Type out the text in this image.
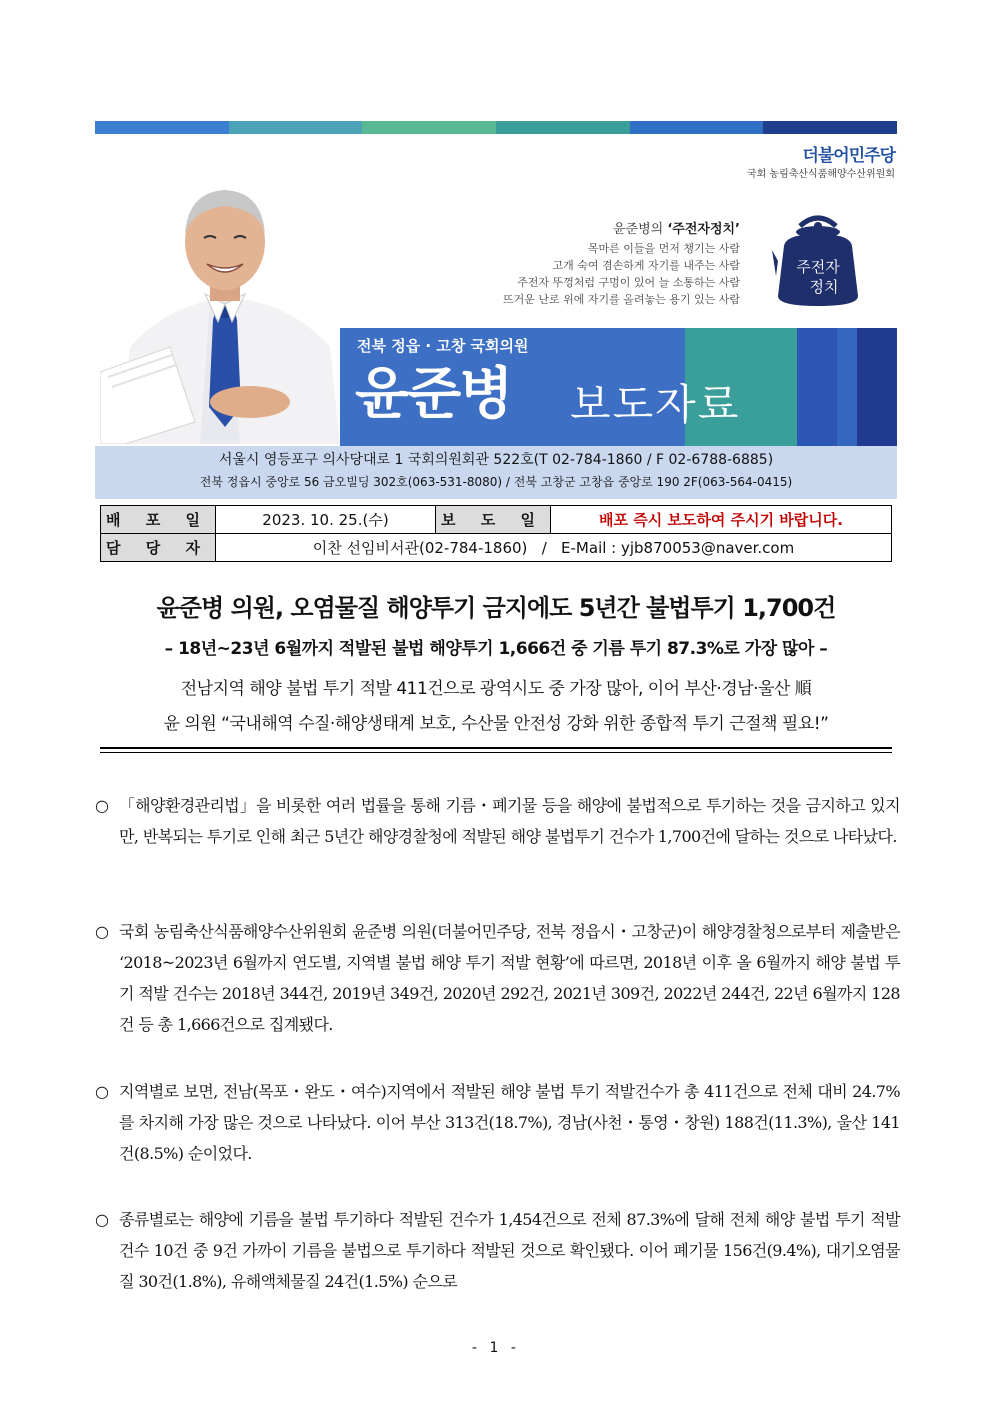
더불어민주당
국회 농림축산식품해양수산위원회
윤준병의 ‘주전자정치’
목마른 이들을 먼저 챙기는 사람
고개 숙여 겸손하게 자기를 내주는 사람
주전자 뚜껑처럼 구멍이 있어 늘 소통하는 사람
뜨거운 난로 위에 자기를 올려놓는 용기 있는 사람
주전자
정치
전북 정읍 · 고창 국회의원
윤준병 보도자료
서울시 영등포구 의사당대로 1 국회의원회관 522호(T 02-784-1860 / F 02-6788-6885)
전북 정읍시 중앙로 56 금오빌딩 302호(063-531-8080) / 전북 고창군 고창읍 중앙로 190 2F(063-564-0415)
배 포 일	2023. 10. 25.(수)	보 도 일	배포 즉시 보도하여 주시기 바랍니다.
담 당 자	이찬 선임비서관(02-784-1860)   /   E-Mail : yjb870053@naver.com		
윤준병 의원, 오염물질 해양투기 금지에도 5년간 불법투기 1,700건
– 18년~23년 6월까지 적발된 불법 해양투기 1,666건 중 기름 투기 87.3%로 가장 많아 –
전남지역 해양 불법 투기 적발 411건으로 광역시도 중 가장 많아, 이어 부산·경남·울산 順
윤 의원 “국내해역 수질·해양생태계 보호, 수산물 안전성 강화 위한 종합적 투기 근절책 필요!”
○ 「해양환경관리법」을 비롯한 여러 법률을 통해 기름・폐기물 등을 해양에 불법적으로 투기하는 것을 금지하고 있지만, 반복되는 투기로 인해 최근 5년간 해양경찰청에 적발된 해양 불법투기 건수가 1,700건에 달하는 것으로 나타났다.
○ 국회 농림축산식품해양수산위원회 윤준병 의원(더불어민주당, 전북 정읍시・고창군)이 해양경찰청으로부터 제출받은 ‘2018~2023년 6월까지 연도별, 지역별 불법 해양 투기 적발 현황’에 따르면, 2018년 이후 올 6월까지 해양 불법 투기 적발 건수는 2018년 344건, 2019년 349건, 2020년 292건, 2021년 309건, 2022년 244건, 22년 6월까지 128건 등 총 1,666건으로 집계됐다.
○ 지역별로 보면, 전남(목포・완도・여수)지역에서 적발된 해양 불법 투기 적발건수가 총 411건으로 전체 대비 24.7%를 차지해 가장 많은 것으로 나타났다. 이어 부산 313건(18.7%), 경남(사천・통영・창원) 188건(11.3%), 울산 141건(8.5%) 순이었다.
○ 종류별로는 해양에 기름을 불법 투기하다 적발된 건수가 1,454건으로 전체 87.3%에 달해 전체 해양 불법 투기 적발건수 10건 중 9건 가까이 기름을 불법으로 투기하다 적발된 것으로 확인됐다. 이어 폐기물 156건(9.4%), 대기오염물질 30건(1.8%), 유해액체물질 24건(1.5%) 순으로
- 1 -
